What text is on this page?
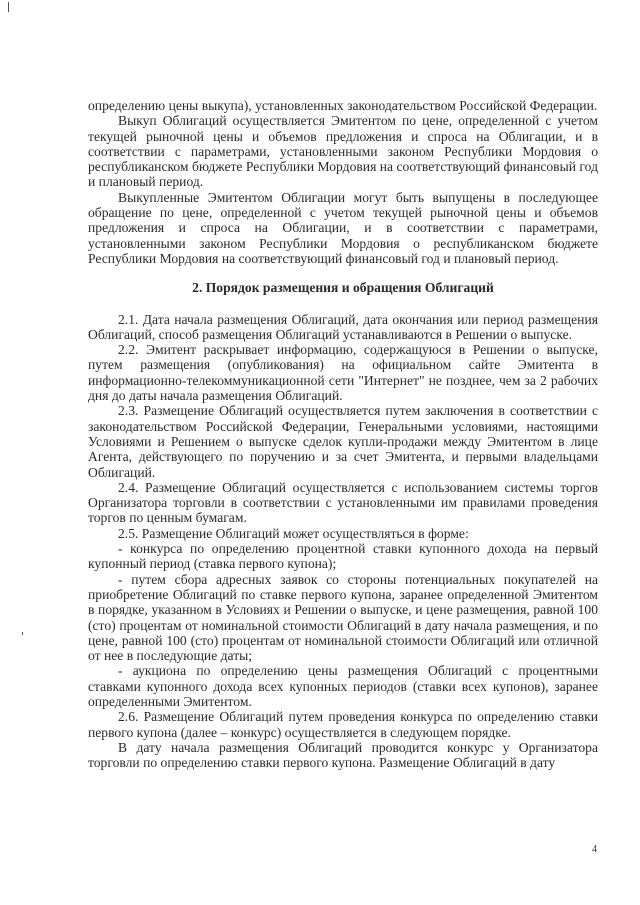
определению цены выкупа), установленных законодательством Российской Федерации.

Выкуп Облигаций осуществляется Эмитентом по цене, определенной с учетом текущей рыночной цены и объемов предложения и спроса на Облигации, и в соответствии с параметрами, установленными законом Республики Мордовия о республиканском бюджете Республики Мордовия на соответствующий финансовый год и плановый период.

Выкупленные Эмитентом Облигации могут быть выпущены в последующее обращение по цене, определенной с учетом текущей рыночной цены и объемов предложения и спроса на Облигации, и в соответствии с параметрами, установленными законом Республики Мордовия о республиканском бюджете Республики Мордовия на соответствующий финансовый год и плановый период.

2. Порядок размещения и обращения Облигаций

2.1. Дата начала размещения Облигаций, дата окончания или период размещения Облигаций, способ размещения Облигаций устанавливаются в Решении о выпуске.

2.2. Эмитент раскрывает информацию, содержащуюся в Решении о выпуске, путем размещения (опубликования) на официальном сайте Эмитента в информационно-телекоммуникационной сети "Интернет" не позднее, чем за 2 рабочих дня до даты начала размещения Облигаций.

2.3. Размещение Облигаций осуществляется путем заключения в соответствии с законодательством Российской Федерации, Генеральными условиями, настоящими Условиями и Решением о выпуске сделок купли-продажи между Эмитентом в лице Агента, действующего по поручению и за счет Эмитента, и первыми владельцами Облигаций.

2.4. Размещение Облигаций осуществляется с использованием системы торгов Организатора торговли в соответствии с установленными им правилами проведения торгов по ценным бумагам.

2.5. Размещение Облигаций может осуществляться в форме:

- конкурса по определению процентной ставки купонного дохода на первый купонный период (ставка первого купона);

- путем сбора адресных заявок со стороны потенциальных покупателей на приобретение Облигаций по ставке первого купона, заранее определенной Эмитентом в порядке, указанном в Условиях и Решении о выпуске, и цене размещения, равной 100 (сто) процентам от номинальной стоимости Облигаций в дату начала размещения, и по цене, равной 100 (сто) процентам от номинальной стоимости Облигаций или отличной от нее в последующие даты;

- аукциона по определению цены размещения Облигаций с процентными ставками купонного дохода всех купонных периодов (ставки всех купонов), заранее определенными Эмитентом.

2.6. Размещение Облигаций путем проведения конкурса по определению ставки первого купона (далее – конкурс) осуществляется в следующем порядке.

В дату начала размещения Облигаций проводится конкурс у Организатора торговли по определению ставки первого купона. Размещение Облигаций в дату

4
